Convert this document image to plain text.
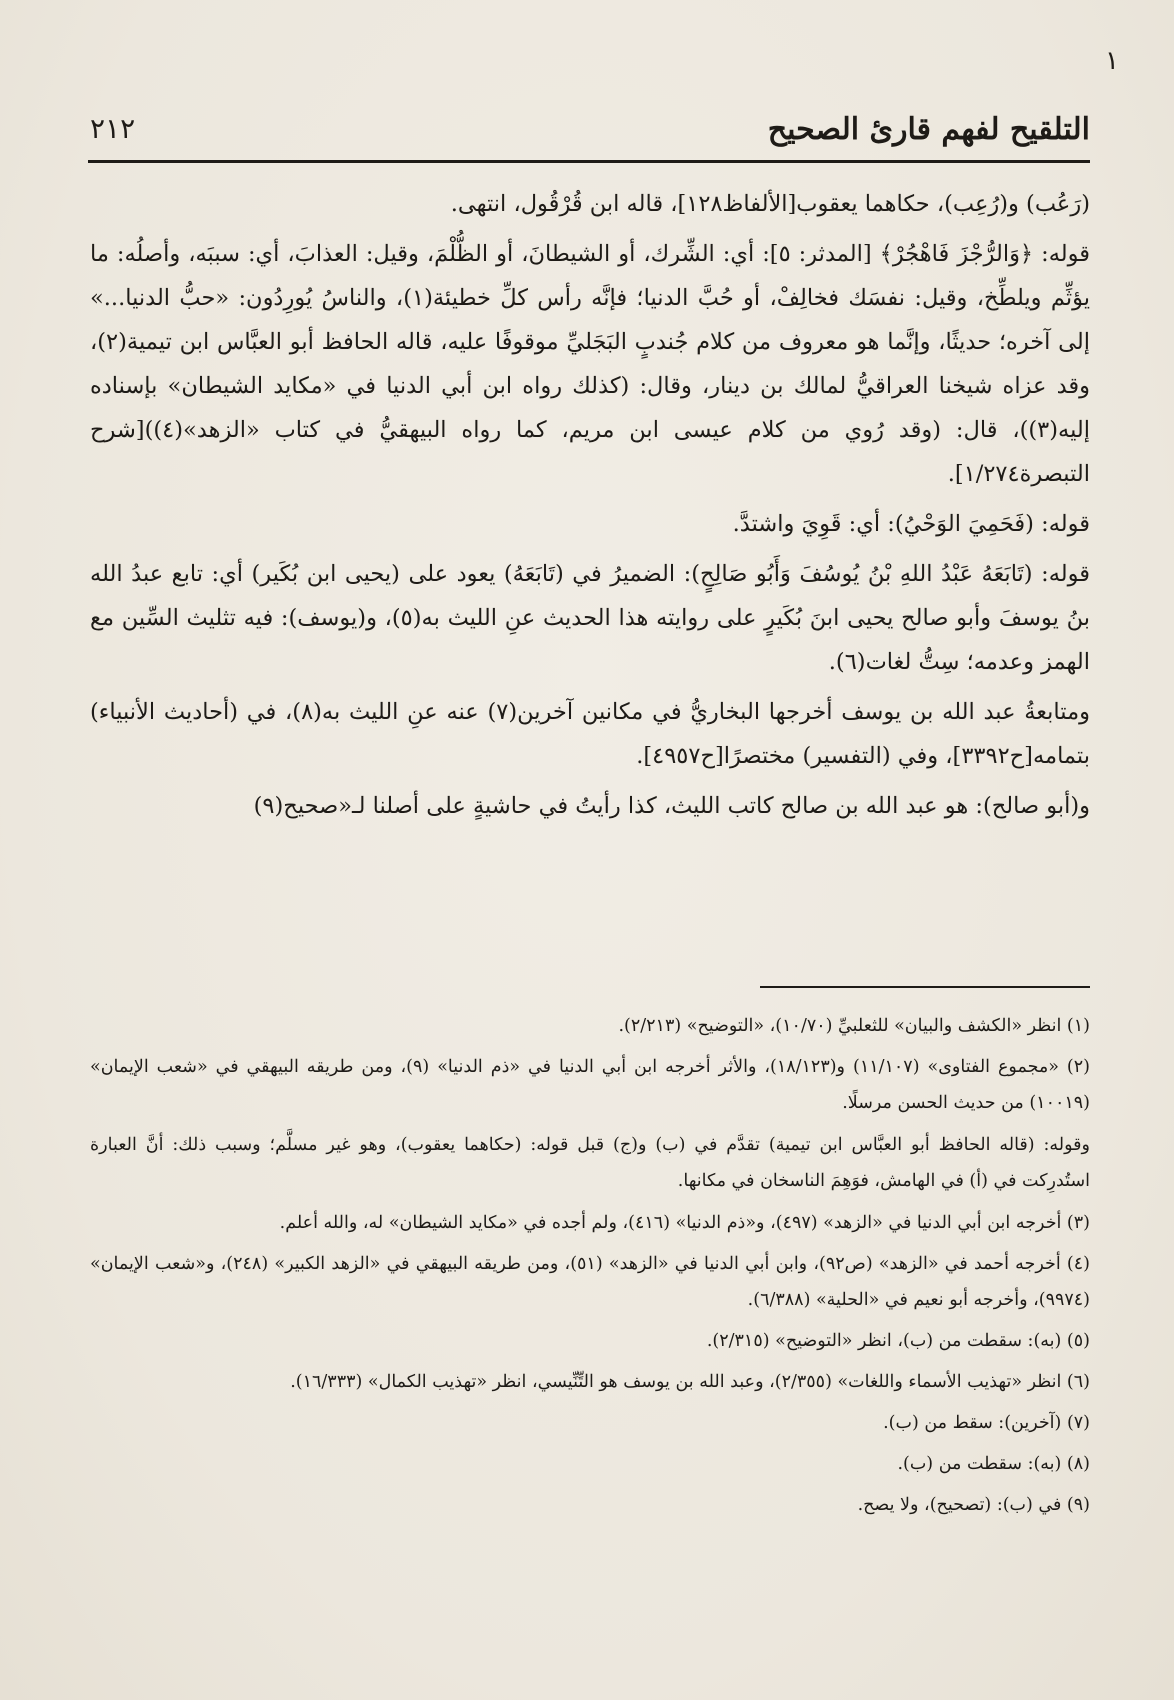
١
التلقيح لفهم قارئ الصحيح
٢١٢

(رَعُب) و(رُعِب)، حكاهما يعقوب[الألفاظ١٢٨]، قاله ابن قُرْقُول، انتهى.

قوله: ﴿وَالرُّجْزَ فَاهْجُرْ﴾ [المدثر: ٥]: أي: الشِّرك، أو الشيطانَ، أو الظُّلْمَ، وقيل: العذابَ، أي: سببَه، وأصلُه: ما يؤثِّم ويلطِّخ، وقيل: نفسَك فخالِفْ، أو حُبَّ الدنيا؛ فإنَّه رأس كلِّ خطيئة(١)، والناسُ يُورِدُون: «حبُّ الدنيا...» إلى آخره؛ حديثًا، وإنَّما هو معروف من كلام جُندبٍ البَجَليِّ موقوفًا عليه، قاله الحافظ أبو العبَّاس ابن تيمية(٢)، وقد عزاه شيخنا العراقيُّ لمالك بن دينار، وقال: (كذلك رواه ابن أبي الدنيا في «مكايد الشيطان» بإسناده إليه(٣))، قال: (وقد رُوي من كلام عيسى ابن مريم، كما رواه البيهقيُّ في كتاب «الزهد»(٤))[شرح التبصرة١/٢٧٤].

قوله: (فَحَمِيَ الوَحْيُ): أي: قَوِيَ واشتدَّ.

قوله: (تَابَعَهُ عَبْدُ اللهِ بْنُ يُوسُفَ وَأَبُو صَالِحٍ): الضميرُ في (تَابَعَهُ) يعود على (يحيى ابن بُكَير) أي: تابع عبدُ الله بنُ يوسفَ وأبو صالح يحيى ابنَ بُكَيرٍ على روايته هذا الحديث عنِ الليث به(٥)، و(يوسف): فيه تثليث السِّين مع الهمز وعدمه؛ سِتُّ لغات(٦).

ومتابعةُ عبد الله بن يوسف أخرجها البخاريُّ في مكانين آخرين(٧) عنه عنِ الليث به(٨)، في (أحاديث الأنبياء) بتمامه[ح٣٣٩٢]، وفي (التفسير) مختصرًا[ح٤٩٥٧].

و(أبو صالح): هو عبد الله بن صالح كاتب الليث، كذا رأيتُ في حاشيةٍ على أصلنا لـ«صحيح(٩)

(١) انظر «الكشف والبيان» للثعلبيِّ (١٠/٧٠)، «التوضيح» (٢/٢١٣).

(٢) «مجموع الفتاوى» (١١/١٠٧) و(١٨/١٢٣)، والأثر أخرجه ابن أبي الدنيا في «ذم الدنيا» (٩)، ومن طريقه البيهقي في «شعب الإيمان» (١٠٠١٩) من حديث الحسن مرسلًا.

وقوله: (قاله الحافظ أبو العبَّاس ابن تيمية) تقدَّم في (ب) و(ج) قبل قوله: (حكاهما يعقوب)، وهو غير مسلَّم؛ وسبب ذلك: أنَّ العبارة استُدرِكت في (أ) في الهامش، فوَهِمَ الناسخان في مكانها.

(٣) أخرجه ابن أبي الدنيا في «الزهد» (٤٩٧)، و«ذم الدنيا» (٤١٦)، ولم أجده في «مكايد الشيطان» له، والله أعلم.

(٤) أخرجه أحمد في «الزهد» (ص٩٢)، وابن أبي الدنيا في «الزهد» (٥١)، ومن طريقه البيهقي في «الزهد الكبير» (٢٤٨)، و«شعب الإيمان» (٩٩٧٤)، وأخرجه أبو نعيم في «الحلية» (٦/٣٨٨).

(٥) (به): سقطت من (ب)، انظر «التوضيح» (٢/٣١٥).

(٦) انظر «تهذيب الأسماء واللغات» (٢/٣٥٥)، وعبد الله بن يوسف هو التِّنِّيسي، انظر «تهذيب الكمال» (١٦/٣٣٣).

(٧) (آخرين): سقط من (ب).

(٨) (به): سقطت من (ب).

(٩) في (ب): (تصحيح)، ولا يصح.
